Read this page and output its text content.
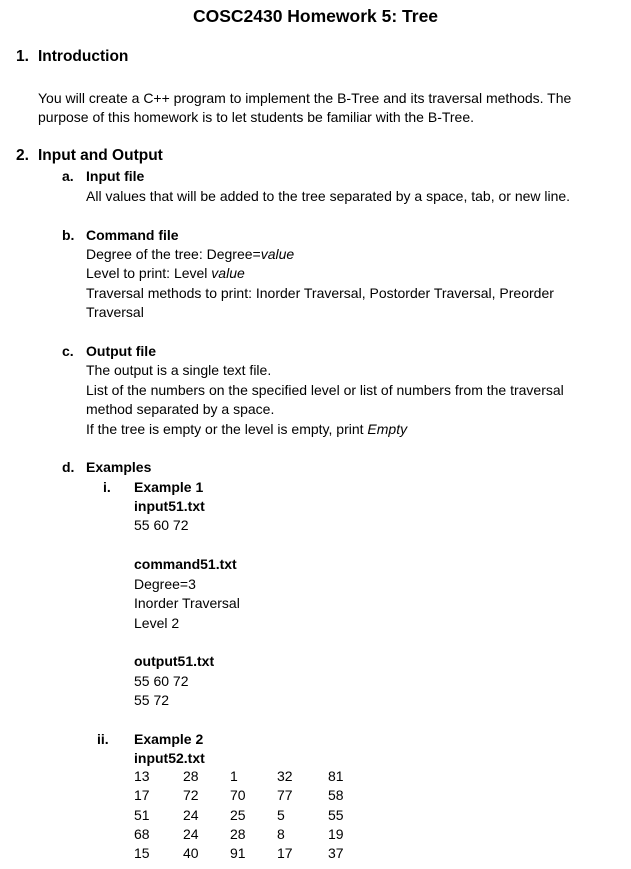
COSC2430 Homework 5: Tree
1. Introduction
You will create a C++ program to implement the B-Tree and its traversal methods. The
purpose of this homework is to let students be familiar with the B-Tree.
2. Input and Output
a. Input file
All values that will be added to the tree separated by a space, tab, or new line.
b. Command file
Degree of the tree: Degree=value
Level to print: Level value
Traversal methods to print: Inorder Traversal, Postorder Traversal, Preorder
Traversal
c. Output file
The output is a single text file.
List of the numbers on the specified level or list of numbers from the traversal
method separated by a space.
If the tree is empty or the level is empty, print Empty
d. Examples
i. Example 1
input51.txt
55 60 72
command51.txt
Degree=3
Inorder Traversal
Level 2
output51.txt
55 60 72
55 72
ii. Example 2
input52.txt
13 28 1	32	81
17 72 70 77	58
51 24 25 5	55
68 24 28 8	19
15 40 91 17	37
